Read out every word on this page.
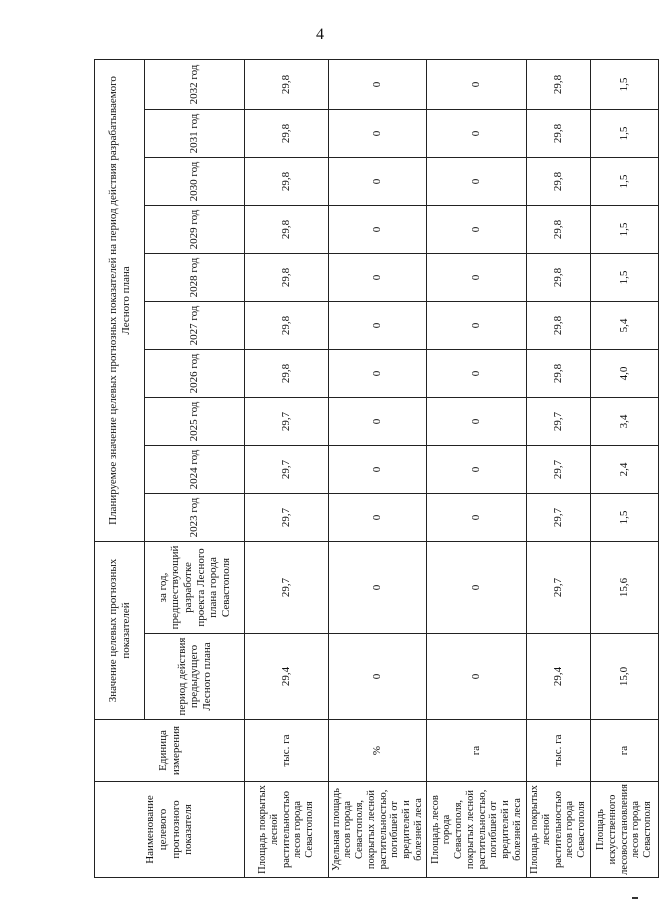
4
Наименование целевого прогнозного показателя	Единица измерения	Значение целевых прогнозных показателей		Планируемое значение целевых прогнозных показателей на период действия разрабатываемого Лесного плана									
		период действия предыдущего Лесного плана	за год, предшествующий разработке проекта Лесного плана города Севастополя	2023 год	2024 год	2025 год	2026 год	2027 год	2028 год	2029 год	2030 год	2031 год	2032 год
Площадь покрытых лесной растительностью лесов города Севастополя	тыс. га	29,4	29,7	29,7	29,7	29,7	29,8	29,8	29,8	29,8	29,8	29,8	29,8
Удельная площадь лесов города Севастополя, покрытых лесной растительностью, погибшей от вредителей и болезней леса	%	0	0	0	0	0	0	0	0	0	0	0	0
Площадь лесов города Севастополя, покрытых лесной растительностью, погибшей от вредителей и болезней леса	га	0	0	0	0	0	0	0	0	0	0	0	0
Площадь покрытых лесной растительностью лесов города Севастополя	тыс. га	29,4	29,7	29,7	29,7	29,7	29,8	29,8	29,8	29,8	29,8	29,8	29,8
Площадь искусственного лесовосстановления лесов города Севастополя	га	15,0	15,6	1,5	2,4	3,4	4,0	5,4	1,5	1,5	1,5	1,5	1,5
